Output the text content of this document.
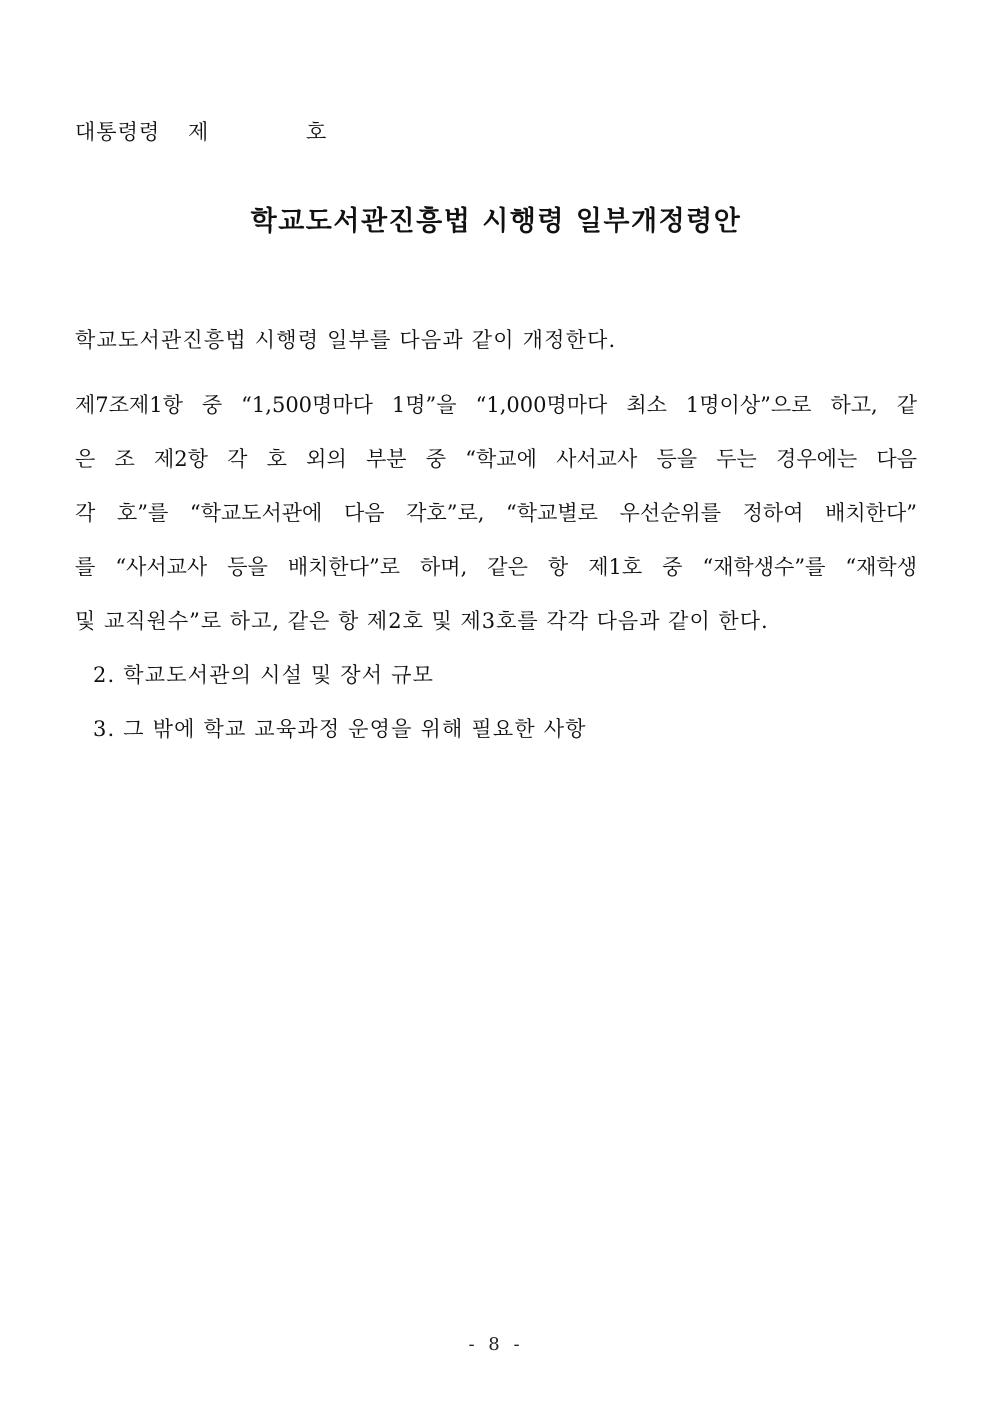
대통령령 제	호
학교도서관진흥법 시행령 일부개정령안
학교도서관진흥법 시행령 일부를 다음과 같이 개정한다.
제7조제1항 중 “1,500명마다 1명”을 “1,000명마다 최소 1명이상”으로 하고, 같
은 조 제2항 각 호 외의 부분 중 “학교에 사서교사 등을 두는 경우에는 다음
각 호”를 “학교도서관에 다음 각호”로, “학교별로 우선순위를 정하여 배치한다”
를 “사서교사 등을 배치한다”로 하며, 같은 항 제1호 중 “재학생수”를 “재학생
및 교직원수”로 하고, 같은 항 제2호 및 제3호를 각각 다음과 같이 한다.
2. 학교도서관의 시설 및 장서 규모
3. 그 밖에 학교 교육과정 운영을 위해 필요한 사항
- 8 -
